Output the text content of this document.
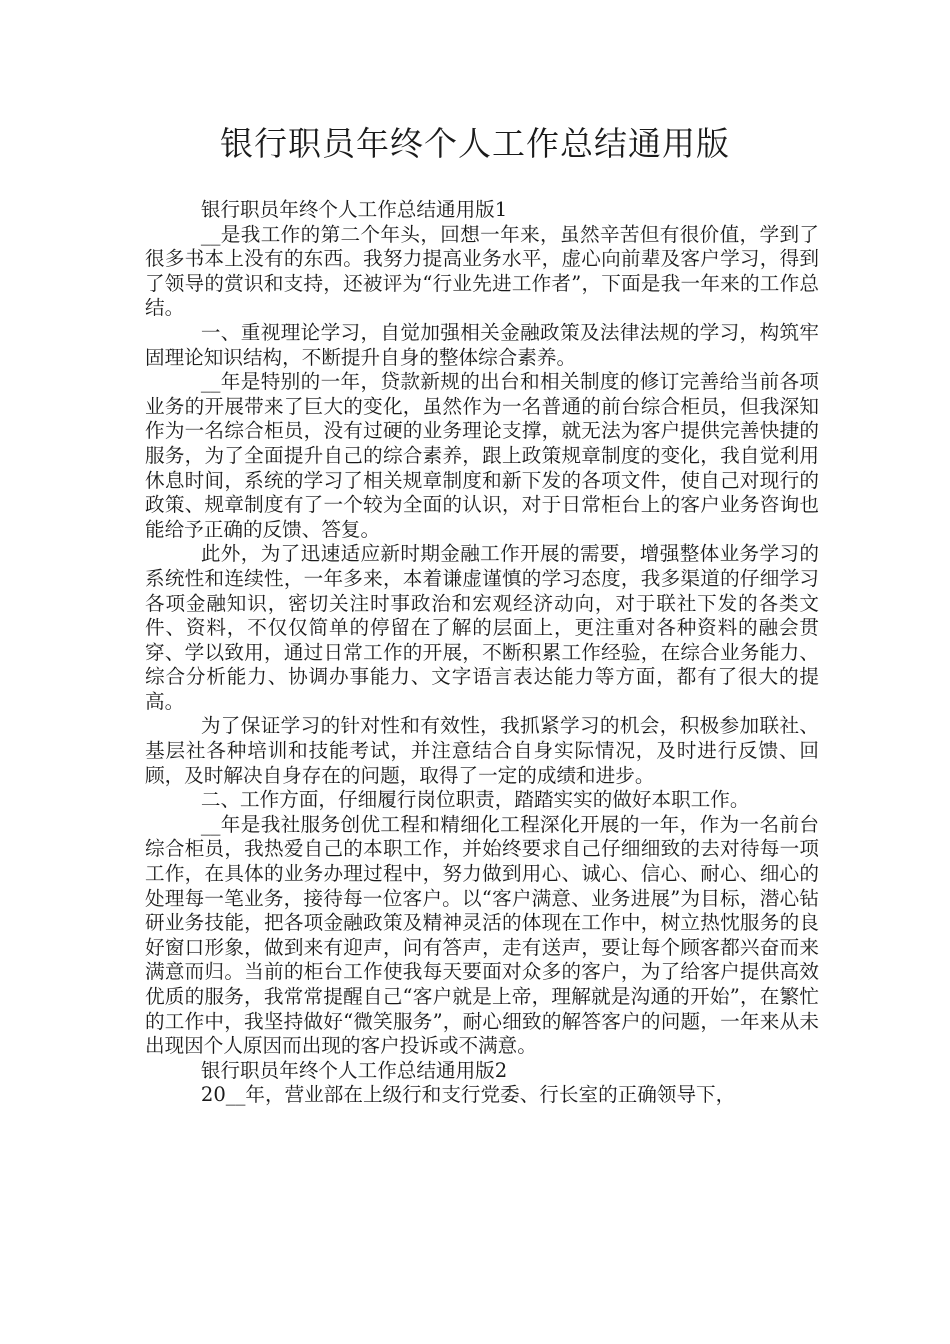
银行职员年终个人工作总结通用版

银行职员年终个人工作总结通用版1

__是我工作的第二个年头，回想一年来，虽然辛苦但有很价值，学到了很多书本上没有的东西。我努力提高业务水平，虚心向前辈及客户学习，得到了领导的赏识和支持，还被评为“行业先进工作者”，下面是我一年来的工作总结。

一、重视理论学习，自觉加强相关金融政策及法律法规的学习，构筑牢固理论知识结构，不断提升自身的整体综合素养。

__年是特别的一年，贷款新规的出台和相关制度的修订完善给当前各项业务的开展带来了巨大的变化，虽然作为一名普通的前台综合柜员，但我深知作为一名综合柜员，没有过硬的业务理论支撑，就无法为客户提供完善快捷的服务，为了全面提升自己的综合素养，跟上政策规章制度的变化，我自觉利用休息时间，系统的学习了相关规章制度和新下发的各项文件，使自己对现行的政策、规章制度有了一个较为全面的认识，对于日常柜台上的客户业务咨询也能给予正确的反馈、答复。

此外，为了迅速适应新时期金融工作开展的需要，增强整体业务学习的系统性和连续性，一年多来，本着谦虚谨慎的学习态度，我多渠道的仔细学习各项金融知识，密切关注时事政治和宏观经济动向，对于联社下发的各类文件、资料，不仅仅简单的停留在了解的层面上，更注重对各种资料的融会贯穿、学以致用，通过日常工作的开展，不断积累工作经验，在综合业务能力、综合分析能力、协调办事能力、文字语言表达能力等方面，都有了很大的提高。

为了保证学习的针对性和有效性，我抓紧学习的机会，积极参加联社、基层社各种培训和技能考试，并注意结合自身实际情况，及时进行反馈、回顾，及时解决自身存在的问题，取得了一定的成绩和进步。

二、工作方面，仔细履行岗位职责，踏踏实实的做好本职工作。

__年是我社服务创优工程和精细化工程深化开展的一年，作为一名前台综合柜员，我热爱自己的本职工作，并始终要求自己仔细细致的去对待每一项工作，在具体的业务办理过程中，努力做到用心、诚心、信心、耐心、细心的处理每一笔业务，接待每一位客户。以“客户满意、业务进展”为目标，潜心钻研业务技能，把各项金融政策及精神灵活的体现在工作中，树立热忱服务的良好窗口形象，做到来有迎声，问有答声，走有送声，要让每个顾客都兴奋而来满意而归。当前的柜台工作使我每天要面对众多的客户，为了给客户提供高效优质的服务，我常常提醒自己“客户就是上帝，理解就是沟通的开始”，在繁忙的工作中，我坚持做好“微笑服务”，耐心细致的解答客户的问题，一年来从未出现因个人原因而出现的客户投诉或不满意。

银行职员年终个人工作总结通用版2

20__年，营业部在上级行和支行党委、行长室的正确领导下，
